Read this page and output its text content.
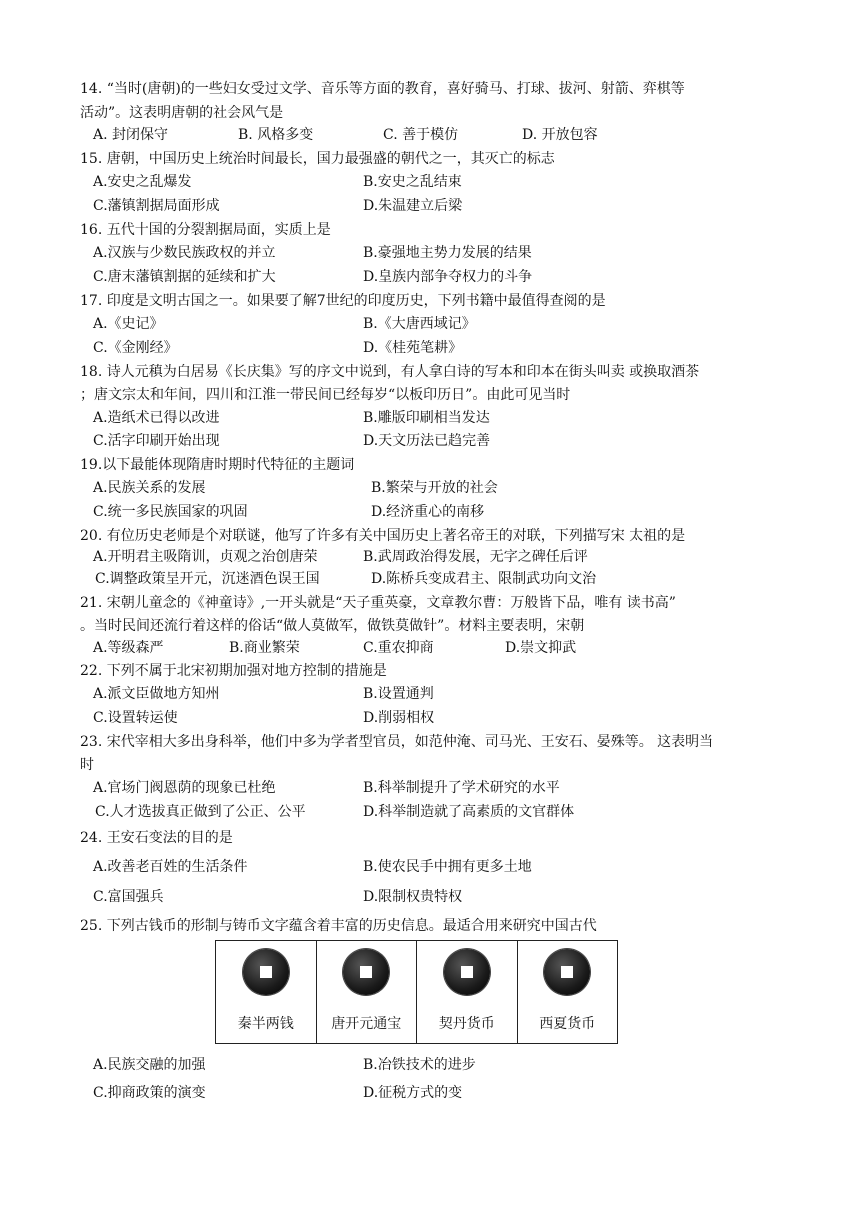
14. “当时(唐朝)的一些妇女受过文学、音乐等方面的教育，喜好骑马、打球、拔河、射箭、弈棋等
活动”。这表明唐朝的社会风气是
A. 封闭保守	B. 风格多变	C. 善于模仿	D. 开放包容
15. 唐朝，中国历史上统治时间最长，国力最强盛的朝代之一，其灭亡的标志
A.安史之乱爆发	B.安史之乱结束
C.藩镇割据局面形成	D.朱温建立后梁
16. 五代十国的分裂割据局面，实质上是
A.汉族与少数民族政权的并立	B.豪强地主势力发展的结果
C.唐末藩镇割据的延续和扩大	D.皇族内部争夺权力的斗争
17. 印度是文明古国之一。如果要了解7世纪的印度历史，下列书籍中最值得查阅的是
A.《史记》	B.《大唐西域记》
C.《金刚经》	D.《桂苑笔耕》
18. 诗人元稹为白居易《长庆集》写的序文中说到，有人拿白诗的写本和印本在街头叫卖 或换取酒茶
；唐文宗太和年间，四川和江淮一带民间已经每岁“以板印历日”。由此可见当时
A.造纸术已得以改进	B.雕版印刷相当发达
C.活字印刷开始出现	D.天文历法已趋完善
19.以下最能体现隋唐时期时代特征的主题词
A.民族关系的发展	B.繁荣与开放的社会
C.统一多民族国家的巩固	D.经济重心的南移
20. 有位历史老师是个对联谜，他写了许多有关中国历史上著名帝王的对联，下列描写宋 太祖的是
A.开明君主吸隋训，贞观之治创唐荣	B.武周政治得发展，无字之碑任后评
C.调整政策呈开元，沉迷酒色误王国	D.陈桥兵变成君主、限制武功向文治
21. 宋朝儿童念的《神童诗》,一开头就是“天子重英豪，文章教尔曹：万般皆下品，唯有 读书高”
。当时民间还流行着这样的俗话“做人莫做军，做铁莫做针”。材料主要表明，宋朝
A.等级森严	B.商业繁荣	C.重农抑商	D.崇文抑武
22. 下列不属于北宋初期加强对地方控制的措施是
A.派文臣做地方知州	B.设置通判
C.设置转运使	D.削弱相权
23. 宋代宰相大多出身科举，他们中多为学者型官员，如范仲淹、司马光、王安石、晏殊等。 这表明当
时
A.官场门阀恩荫的现象已杜绝	B.科举制提升了学术研究的水平
C.人才选拔真正做到了公正、公平	D.科举制造就了高素质的文官群体
24. 王安石变法的目的是
A.改善老百姓的生活条件	B.使农民手中拥有更多土地
C.富国强兵	D.限制权贵特权
25. 下列古钱币的形制与铸币文字蕴含着丰富的历史信息。最适合用来研究中国古代
秦半两钱	唐开元通宝	契丹货币	西夏货币
A.民族交融的加强	B.冶铁技术的进步
C.抑商政策的演变	D.征税方式的变
